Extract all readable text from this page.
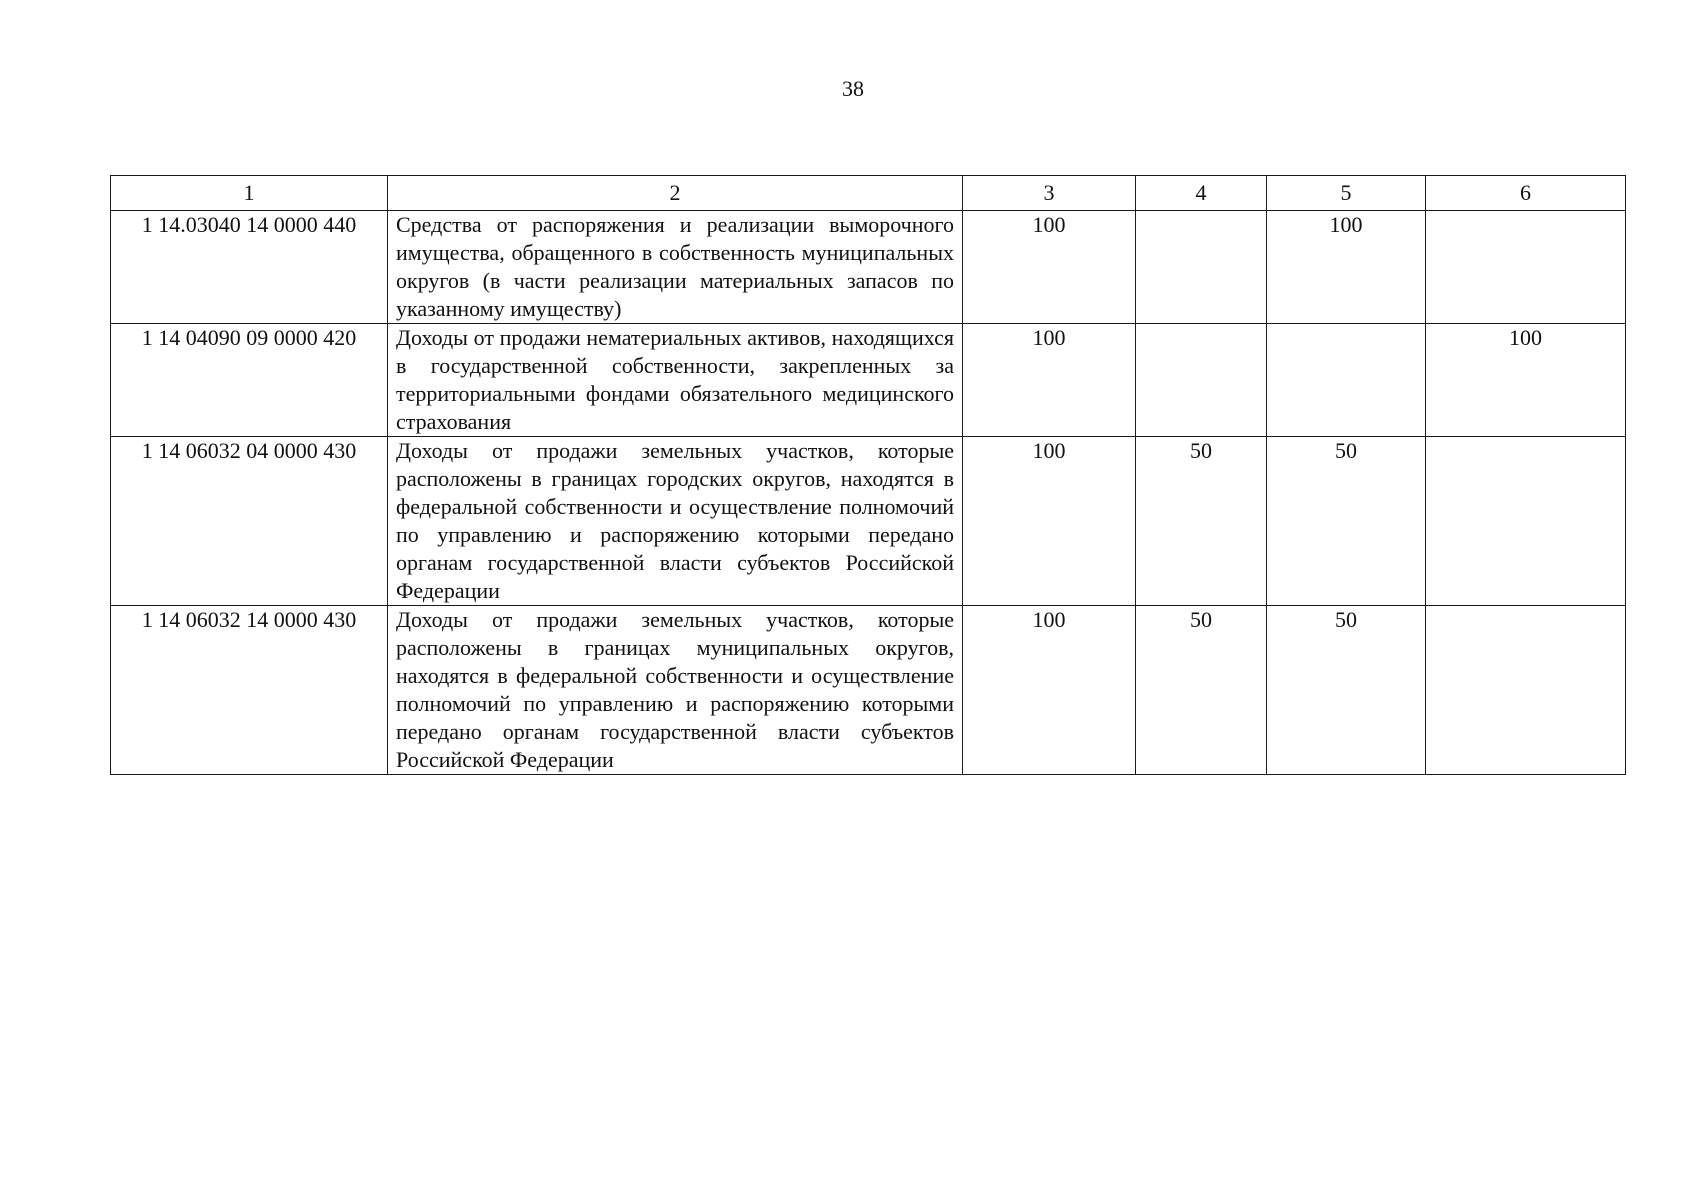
38
1	2	3	4	5	6
1 14.03040 14 0000 440	Средства от распоряжения и реализации выморочного имущества, обращенного в собственность муниципальных округов (в части реализации материальных запасов по указанному имуществу)	100		100	
1 14 04090 09 0000 420	Доходы от продажи нематериальных активов, находящихся в государственной собственности, закрепленных за территориальными фондами обязательного медицинского страхования	100			100
1 14 06032 04 0000 430	Доходы от продажи земельных участков, которые расположены в границах городских округов, находятся в федеральной собственности и осуществление полномочий по управлению и распоряжению которыми передано органам государственной власти субъектов Российской Федерации	100	50	50	
1 14 06032 14 0000 430	Доходы от продажи земельных участков, которые расположены в границах муниципальных округов, находятся в федеральной собственности и осуществление полномочий по управлению и распоряжению которыми передано органам государственной власти субъектов Российской Федерации	100	50	50	
